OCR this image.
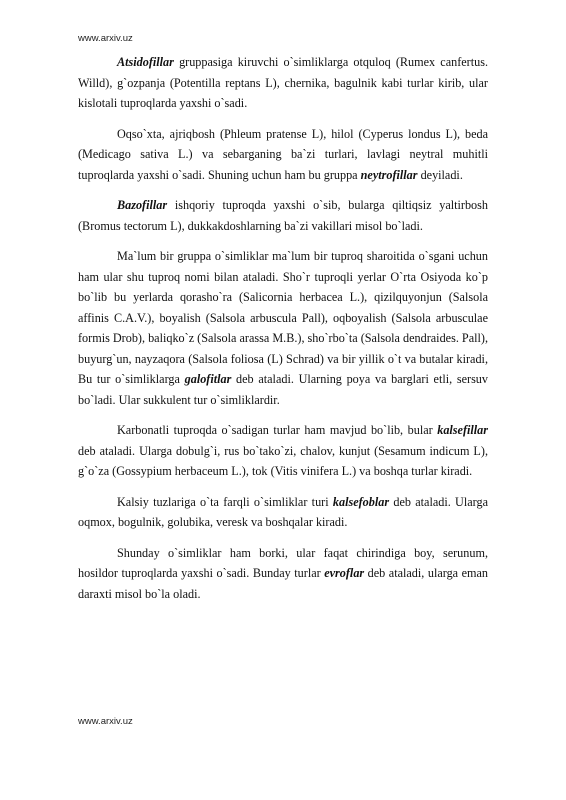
​
www.arxiv.uz

Atsidofillar gruppasiga kiruvchi o`simliklarga otquloq (Rumex canfertus. Willd), g`ozpanja (Potentilla reptans L), chernika, bagulnik kabi turlar kirib, ular kislotali tuproqlarda yaxshi o`sadi.

Oqso`xta, ajriqbosh (Phleum pratense L), hilol (Cyperus londus L), beda (Medicago sativa L.) va sebarganing ba`zi turlari, lavlagi neytral muhitli tuproqlarda yaxshi o`sadi. Shuning uchun ham bu gruppa neytrofillar deyiladi.

Bazofillar ishqoriy tuproqda yaxshi o`sib, bularga qiltiqsiz yaltirbosh (Bromus tectorum L), dukkakdoshlarning ba`zi vakillari misol bo`ladi.

Ma`lum bir gruppa o`simliklar ma`lum bir tuproq sharoitida o`sgani uchun ham ular shu tuproq nomi bilan ataladi. Sho`r tuproqli yerlar O`rta Osiyoda ko`p bo`lib bu yerlarda qorasho`ra (Salicornia herbacea L.), qizilquyonjun (Salsola affinis C.A.V.), boyalish (Salsola arbuscula Pall), oqboyalish (Salsola arbusculae formis Drob), baliqko`z (Salsola arassa M.B.), sho`rbo`ta (Salsola dendraides. Pall), buyurg`un, nayzaqora (Salsola foliosa (L) Schrad) va bir yillik o`t va butalar kiradi, Bu tur o`simliklarga galofitlar deb ataladi. Ularning poya va barglari etli, sersuv bo`ladi. Ular sukkulent tur o`simliklardir.

Karbonatli tuproqda o`sadigan turlar ham mavjud bo`lib, bular kalsefillar deb ataladi. Ularga dobulg`i, rus bo`tako`zi, chalov, kunjut (Sesamum indicum L), g`o`za (Gossypium herbaceum L.), tok (Vitis vinifera L.) va boshqa turlar kiradi.

Kalsiy tuzlariga o`ta farqli o`simliklar turi kalsefoblar deb ataladi. Ularga oqmox, bogulnik, golubika, veresk va boshqalar kiradi.

Shunday o`simliklar ham borki, ular faqat chirindiga boy, serunum, hosildor tuproqlarda yaxshi o`sadi. Bunday turlar evroflar deb ataladi, ularga eman daraxti misol bo`la oladi.

www.arxiv.uz
